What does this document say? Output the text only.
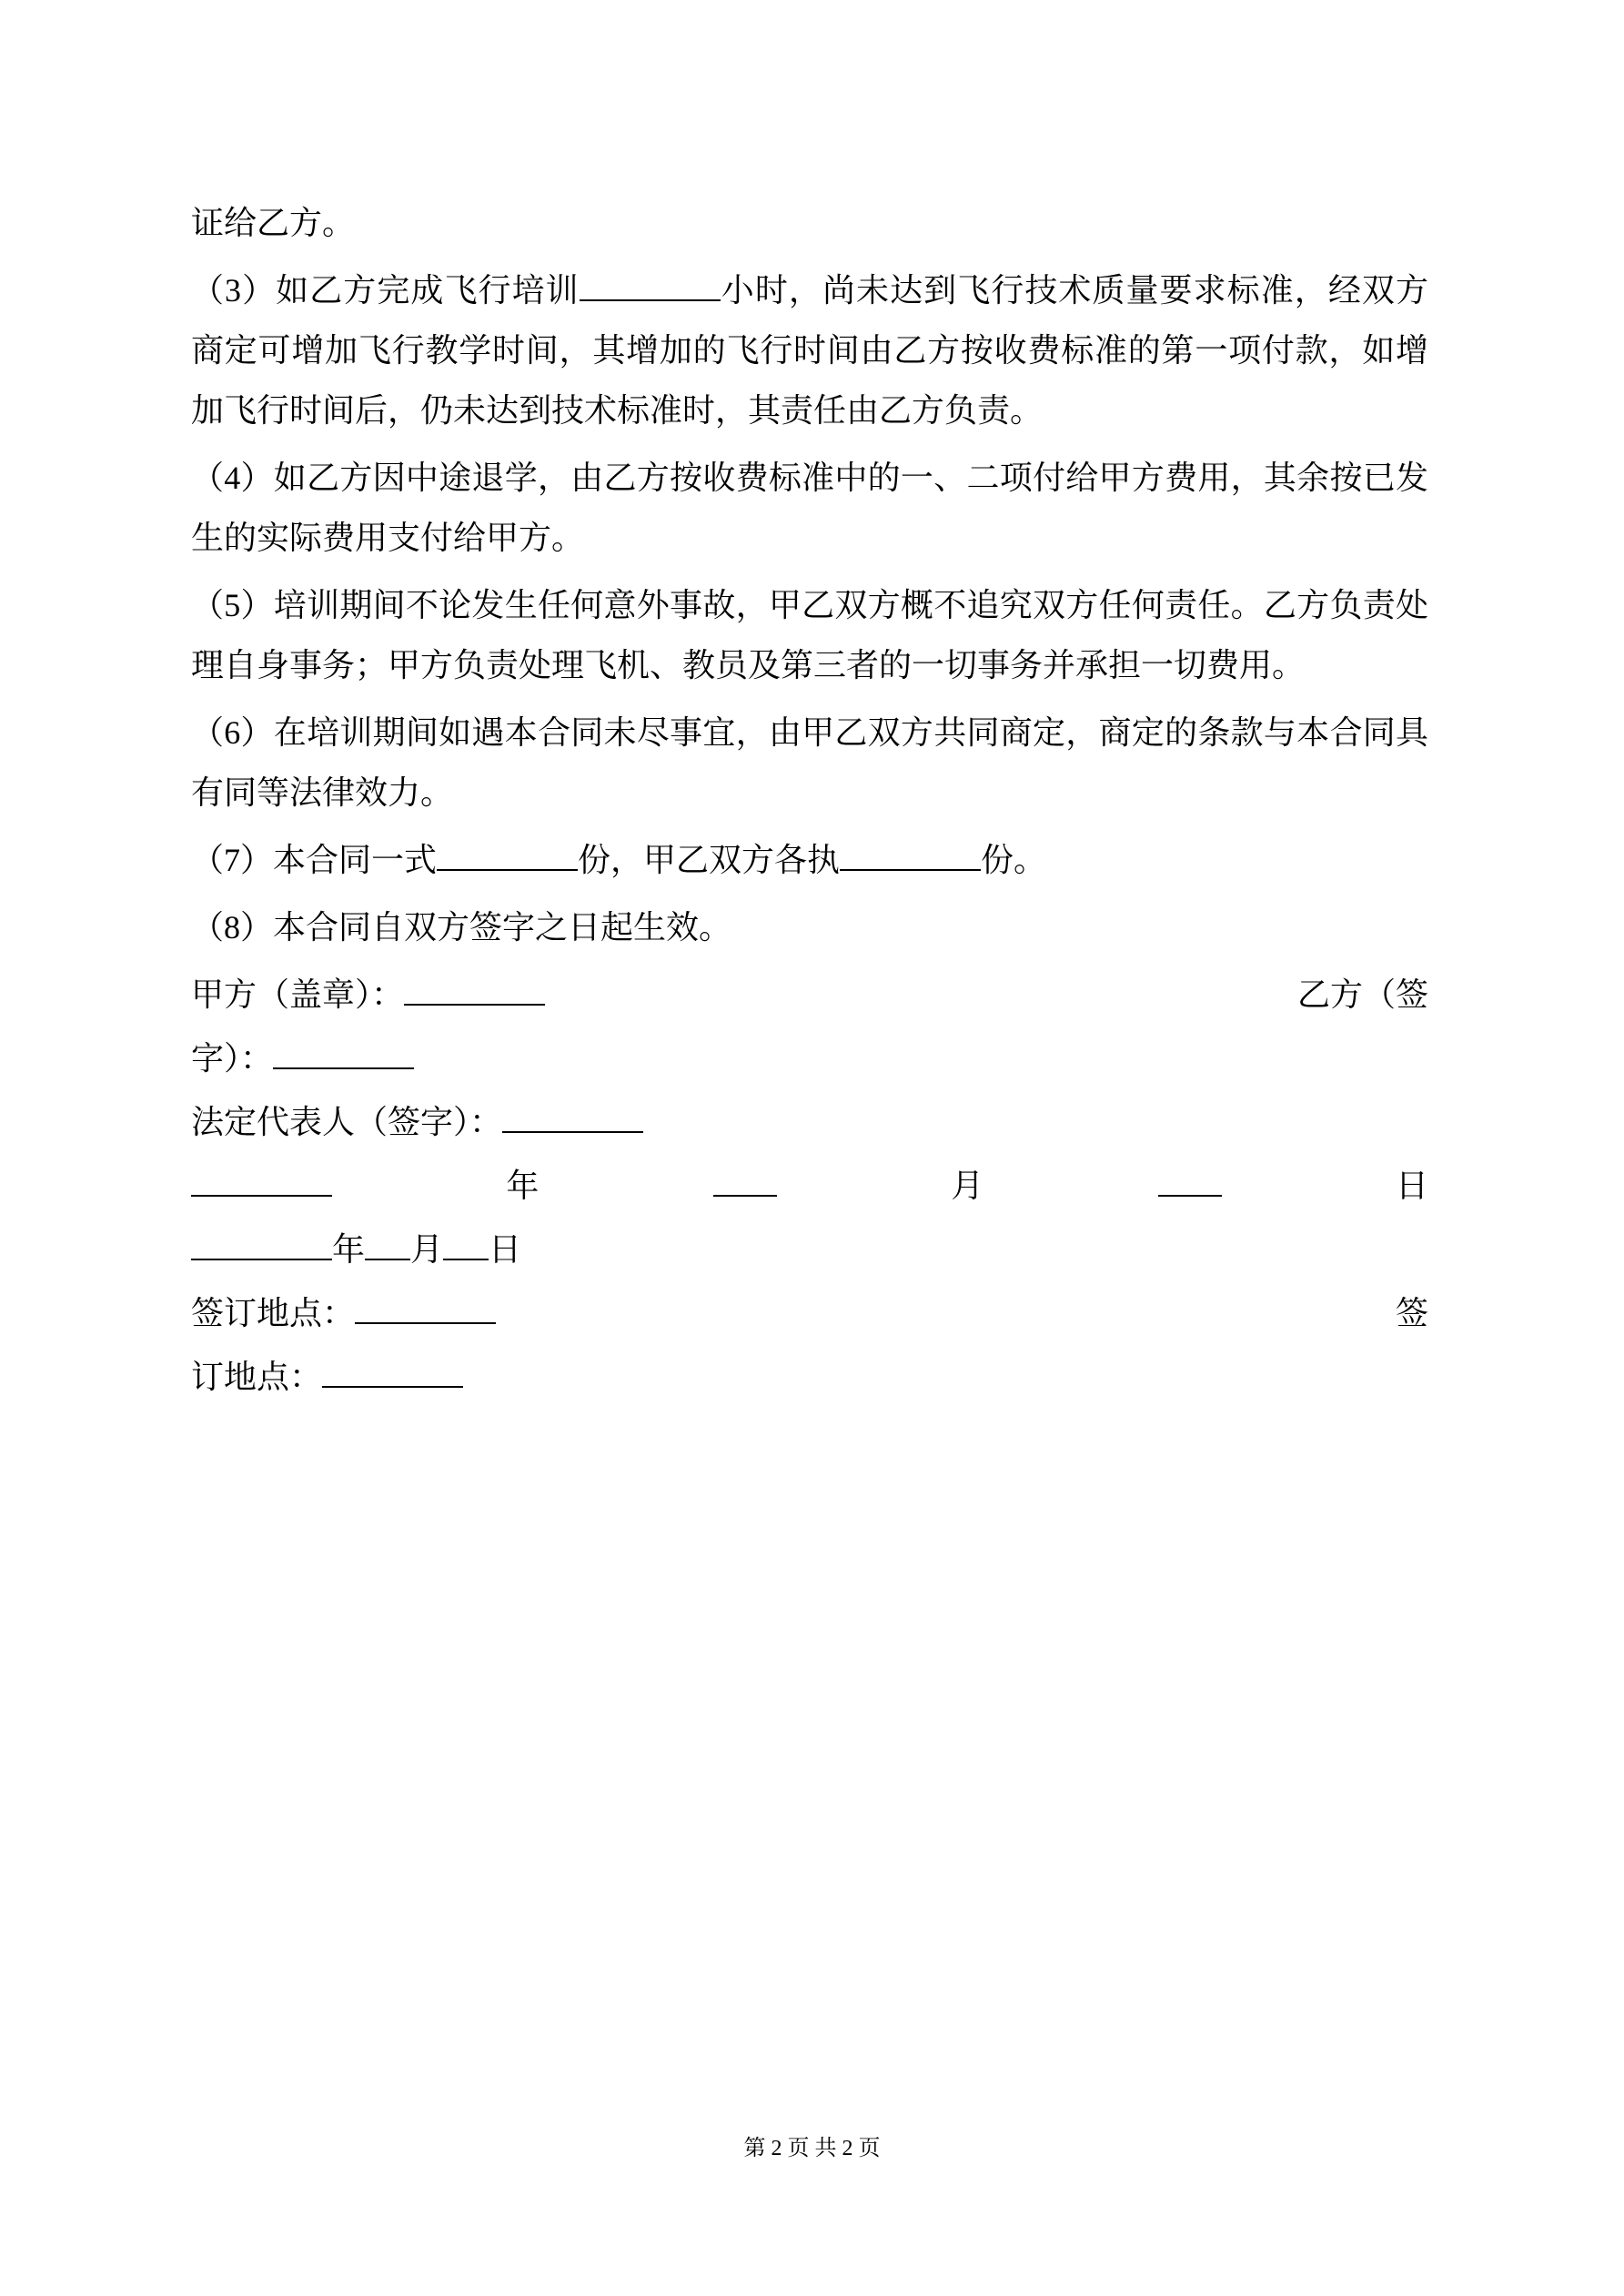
证给乙方。

（3）如乙方完成飞行培训	小时，尚未达到飞行技术质量要求标准，经双方商定可增加飞行教学时间，其增加的飞行时间由乙方按收费标准的第一项付款，如增加飞行时间后，仍未达到技术标准时，其责任由乙方负责。

（4）如乙方因中途退学，由乙方按收费标准中的一、二项付给甲方费用，其余按已发生的实际费用支付给甲方。

（5）培训期间不论发生任何意外事故，甲乙双方概不追究双方任何责任。乙方负责处理自身事务；甲方负责处理飞机、教员及第三者的一切事务并承担一切费用。

（6）在培训期间如遇本合同未尽事宜，由甲乙双方共同商定，商定的条款与本合同具有同等法律效力。

（7）本合同一式	份，甲乙双方各执	份。

（8）本合同自双方签字之日起生效。

甲方（盖章）：	乙方（签

字）：

法定代表人（签字）：

年	月	日

年 月 日

签订地点：	签

订地点：

第 2 页 共 2 页
